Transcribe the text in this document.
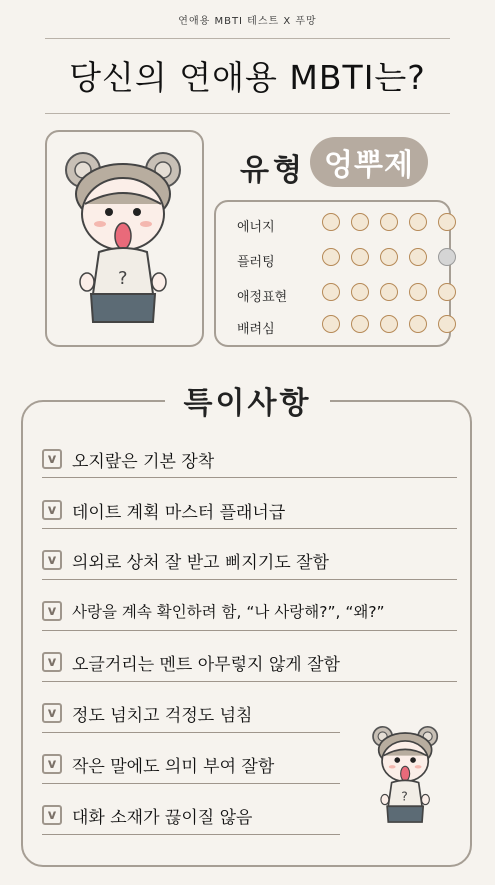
연애용 MBTI 테스트 X 푸망
당신의 연애용 MBTI는?
?
유형 엉뿌제
에너지
플러팅
애정표현
배려심
특이사항
v 오지랖은 기본 장착
v 데이트 계획 마스터 플래너급
v 의외로 상처 잘 받고 삐지기도 잘함
v	사랑을 계속 확인하려 함, “나 사랑해?”, “왜?”
v 오글거리는 멘트 아무렇지 않게 잘함
v 정도 넘치고 걱정도 넘침
v 작은 말에도 의미 부여 잘함
v 대화 소재가 끊이질 않음
?
